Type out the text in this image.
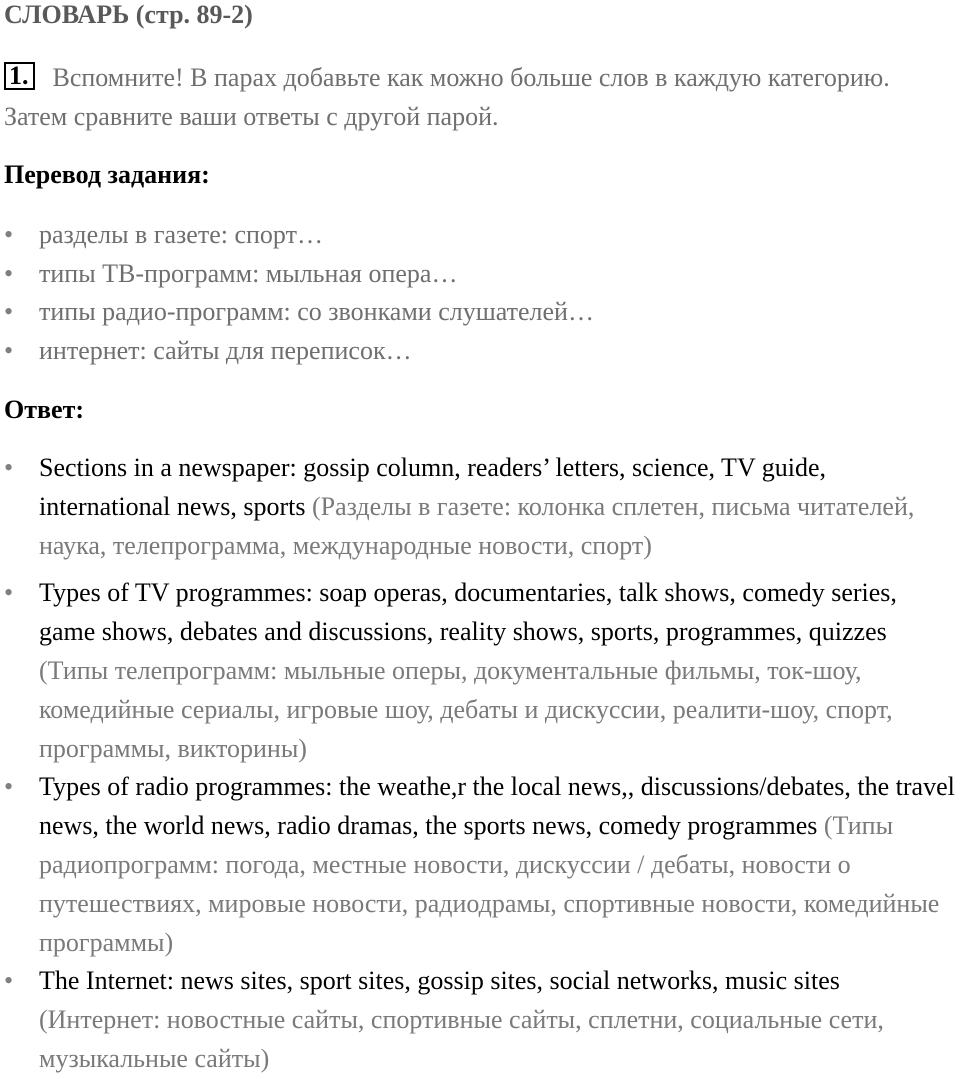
СЛОВАРЬ (стр. 89-2)
1. Вспомните! В парах добавьте как можно больше слов в каждую категорию. Затем сравните ваши ответы с другой парой.
Перевод задания:
• разделы в газете: спорт…
• типы ТВ-программ: мыльная опера…
• типы радио-программ: со звонками слушателей…
• интернет: сайты для переписок…
Ответ:
• Sections in a newspaper: gossip column, readers’ letters, science, TV guide, international news, sports (Разделы в газете: колонка сплетен, письма читателей, наука, телепрограмма, международные новости, спорт)
• Types of TV programmes: soap operas, documentaries, talk shows, comedy series, game shows, debates and discussions, reality shows, sports, programmes, quizzes (Типы телепрограмм: мыльные оперы, документальные фильмы, ток-шоу, комедийные сериалы, игровые шоу, дебаты и дискуссии, реалити-шоу, спорт, программы, викторины)
• Types of radio programmes: the weathe,r the local news,, discussions/debates, the travel news, the world news, radio dramas, the sports news, comedy programmes (Типы радиопрограмм: погода, местные новости, дискуссии / дебаты, новости о путешествиях, мировые новости, радиодрамы, спортивные новости, комедийные программы)
• The Internet: news sites, sport sites, gossip sites, social networks, music sites (Интернет: новостные сайты, спортивные сайты, сплетни, социальные сети, музыкальные сайты)
